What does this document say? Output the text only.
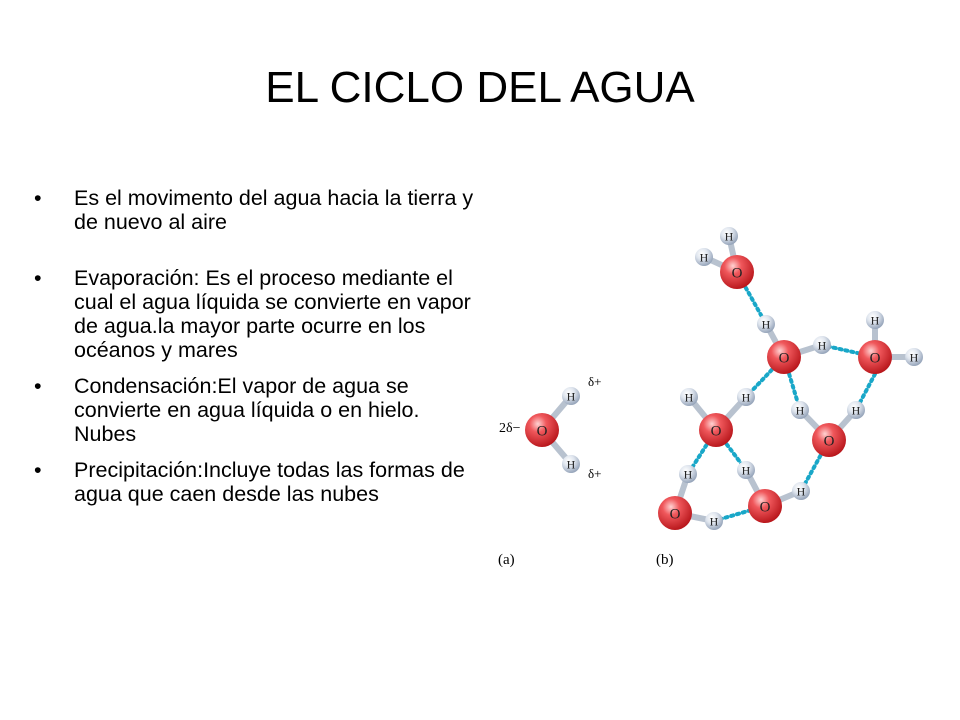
EL CICLO DEL AGUA
• Es el movimento del agua hacia la tierra y de nuevo al aire
• Evaporación: Es el proceso mediante el cual el agua líquida se convierte en vapor de agua.la mayor parte ocurre en los océanos y mares
• Condensación:El vapor de agua se convierte en agua líquida o en hielo. Nubes
• Precipitación:Incluye todas las formas de agua que caen desde las nubes
H
H
H
H
H
H
H
H
H	H
H	H
H
H
H
H
O
O
O	O
O
O
O	O
2δ−
δ+
δ+
(a)	(b)
